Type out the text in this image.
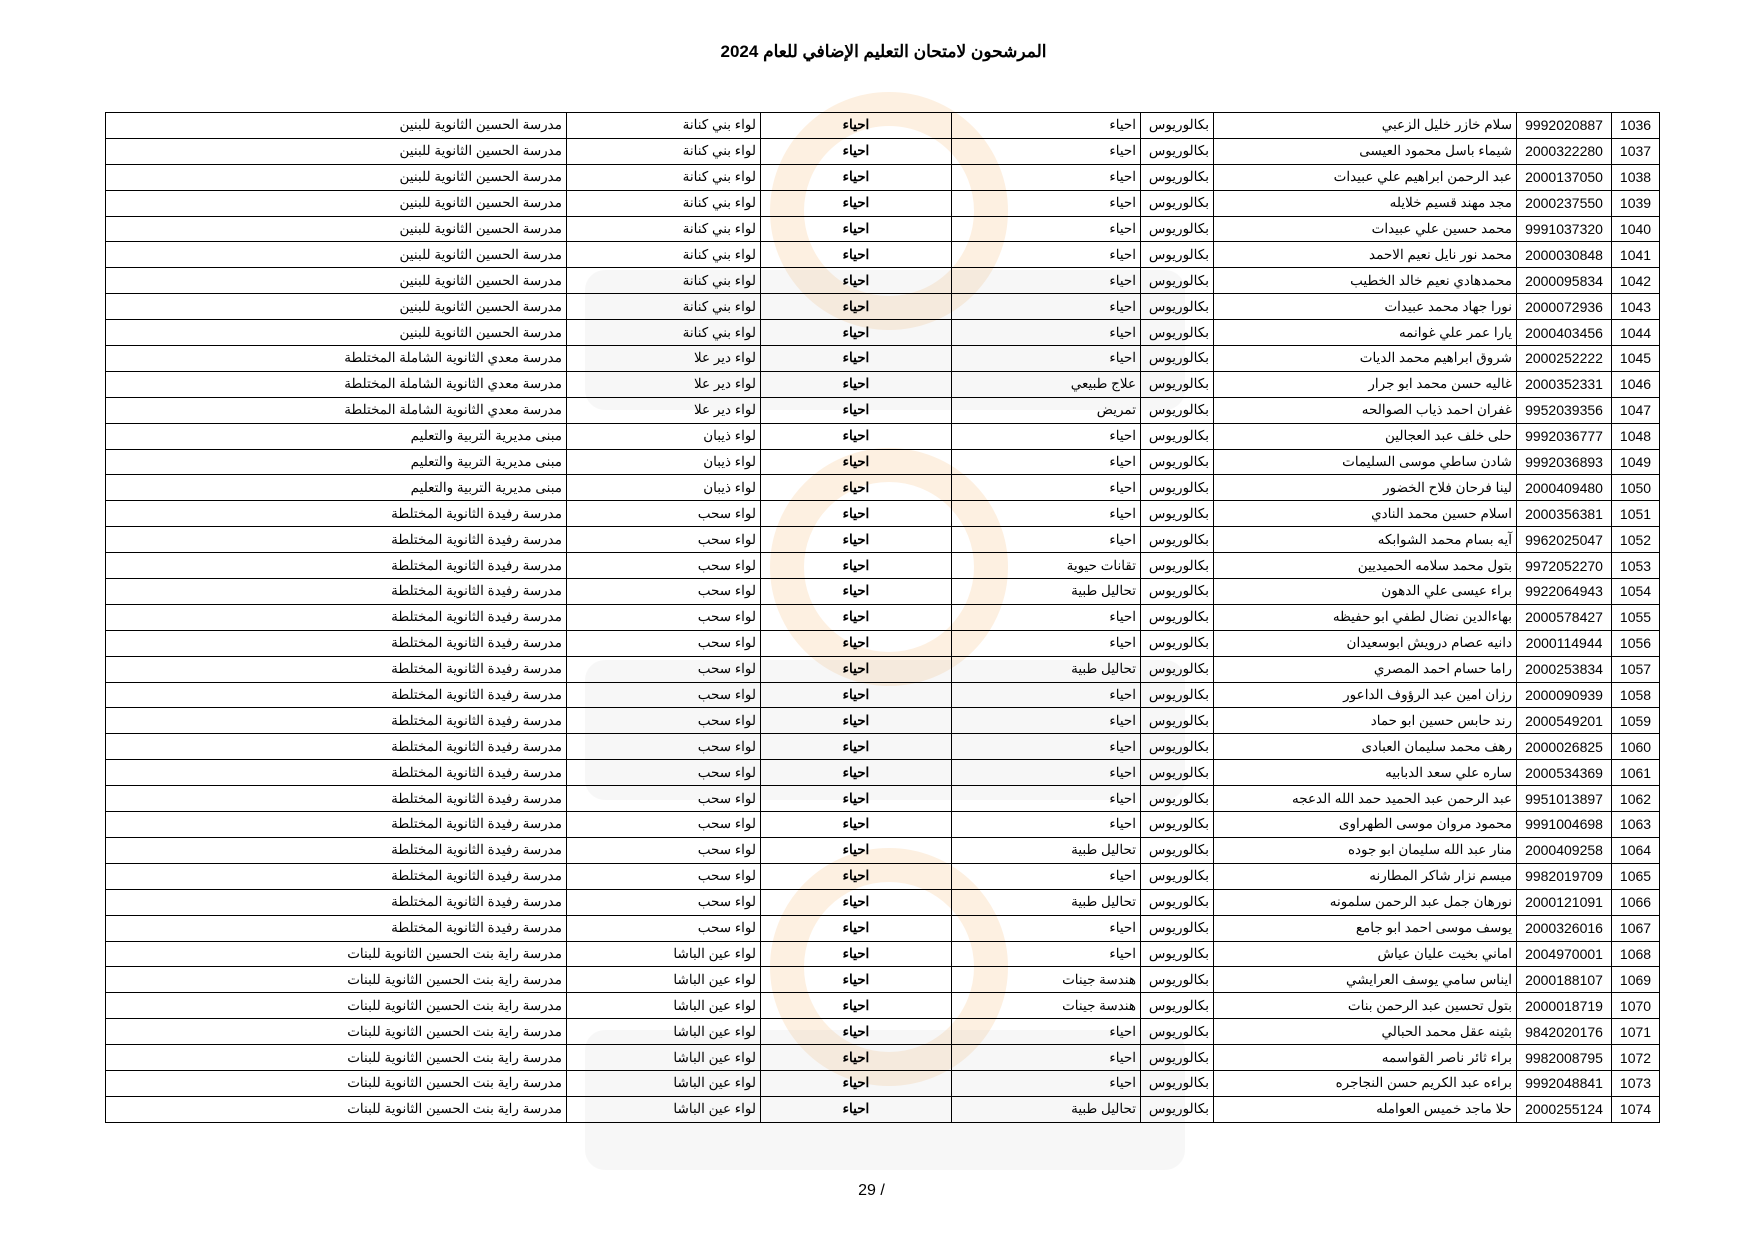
المرشحون لامتحان التعليم الإضافي للعام 2024
1036	9992020887	سلام خازر خليل الزعبي	بكالوريوس	احياء	احياء	لواء بني كنانة	مدرسة الحسين الثانوية للبنين
1037	2000322280	شيماء باسل محمود العيسى	بكالوريوس	احياء	احياء	لواء بني كنانة	مدرسة الحسين الثانوية للبنين
1038	2000137050	عبد الرحمن ابراهيم علي عبيدات	بكالوريوس	احياء	احياء	لواء بني كنانة	مدرسة الحسين الثانوية للبنين
1039	2000237550	مجد مهند قسيم خلايله	بكالوريوس	احياء	احياء	لواء بني كنانة	مدرسة الحسين الثانوية للبنين
1040	9991037320	محمد حسين علي عبيدات	بكالوريوس	احياء	احياء	لواء بني كنانة	مدرسة الحسين الثانوية للبنين
1041	2000030848	محمد نور نايل نعيم الاحمد	بكالوريوس	احياء	احياء	لواء بني كنانة	مدرسة الحسين الثانوية للبنين
1042	2000095834	محمدهادي نعيم خالد الخطيب	بكالوريوس	احياء	احياء	لواء بني كنانة	مدرسة الحسين الثانوية للبنين
1043	2000072936	نورا جهاد محمد عبيدات	بكالوريوس	احياء	احياء	لواء بني كنانة	مدرسة الحسين الثانوية للبنين
1044	2000403456	يارا عمر علي غوانمه	بكالوريوس	احياء	احياء	لواء بني كنانة	مدرسة الحسين الثانوية للبنين
1045	2000252222	شروق ابراهيم محمد الديات	بكالوريوس	احياء	احياء	لواء دير علا	مدرسة معدي الثانوية الشاملة المختلطة
1046	2000352331	غاليه حسن محمد ابو جرار	بكالوريوس	علاج طبيعي	احياء	لواء دير علا	مدرسة معدي الثانوية الشاملة المختلطة
1047	9952039356	غفران احمد ذياب الصوالحه	بكالوريوس	تمريض	احياء	لواء دير علا	مدرسة معدي الثانوية الشاملة المختلطة
1048	9992036777	حلى خلف عبد العجالين	بكالوريوس	احياء	احياء	لواء ذيبان	مبنى مديرية التربية والتعليم
1049	9992036893	شادن ساطي موسى السليمات	بكالوريوس	احياء	احياء	لواء ذيبان	مبنى مديرية التربية والتعليم
1050	2000409480	لينا فرحان فلاح الخضور	بكالوريوس	احياء	احياء	لواء ذيبان	مبنى مديرية التربية والتعليم
1051	2000356381	اسلام حسين محمد النادي	بكالوريوس	احياء	احياء	لواء سحب	مدرسة رفيدة الثانوية المختلطة
1052	9962025047	آيه بسام محمد الشوابكه	بكالوريوس	احياء	احياء	لواء سحب	مدرسة رفيدة الثانوية المختلطة
1053	9972052270	بتول محمد سلامه الحميديين	بكالوريوس	تقانات حيوية	احياء	لواء سحب	مدرسة رفيدة الثانوية المختلطة
1054	9922064943	براء عيسى علي الدهون	بكالوريوس	تحاليل طبية	احياء	لواء سحب	مدرسة رفيدة الثانوية المختلطة
1055	2000578427	بهاءالدين نضال لطفي ابو حفيظه	بكالوريوس	احياء	احياء	لواء سحب	مدرسة رفيدة الثانوية المختلطة
1056	2000114944	دانيه عصام درويش ابوسعيدان	بكالوريوس	احياء	احياء	لواء سحب	مدرسة رفيدة الثانوية المختلطة
1057	2000253834	راما حسام احمد المصري	بكالوريوس	تحاليل طبية	احياء	لواء سحب	مدرسة رفيدة الثانوية المختلطة
1058	2000090939	رزان امين عبد الرؤوف الداعور	بكالوريوس	احياء	احياء	لواء سحب	مدرسة رفيدة الثانوية المختلطة
1059	2000549201	رند حابس حسين ابو حماد	بكالوريوس	احياء	احياء	لواء سحب	مدرسة رفيدة الثانوية المختلطة
1060	2000026825	رهف محمد سليمان العبادى	بكالوريوس	احياء	احياء	لواء سحب	مدرسة رفيدة الثانوية المختلطة
1061	2000534369	ساره علي سعد الدبابيه	بكالوريوس	احياء	احياء	لواء سحب	مدرسة رفيدة الثانوية المختلطة
1062	9951013897	عبد الرحمن عبد الحميد حمد الله الدعجه	بكالوريوس	احياء	احياء	لواء سحب	مدرسة رفيدة الثانوية المختلطة
1063	9991004698	محمود مروان موسى الطهراوى	بكالوريوس	احياء	احياء	لواء سحب	مدرسة رفيدة الثانوية المختلطة
1064	2000409258	منار عبد الله سليمان ابو جوده	بكالوريوس	تحاليل طبية	احياء	لواء سحب	مدرسة رفيدة الثانوية المختلطة
1065	9982019709	ميسم نزار شاكر المطارنه	بكالوريوس	احياء	احياء	لواء سحب	مدرسة رفيدة الثانوية المختلطة
1066	2000121091	نورهان جمل عبد الرحمن سلمونه	بكالوريوس	تحاليل طبية	احياء	لواء سحب	مدرسة رفيدة الثانوية المختلطة
1067	2000326016	يوسف موسى احمد ابو جامع	بكالوريوس	احياء	احياء	لواء سحب	مدرسة رفيدة الثانوية المختلطة
1068	2004970001	اماني بخيت عليان عياش	بكالوريوس	احياء	احياء	لواء عين الباشا	مدرسة راية بنت الحسين الثانوية للبنات
1069	2000188107	ايناس سامي يوسف العرايشي	بكالوريوس	هندسة جينات	احياء	لواء عين الباشا	مدرسة راية بنت الحسين الثانوية للبنات
1070	2000018719	بتول تحسين عبد الرحمن بنات	بكالوريوس	هندسة جينات	احياء	لواء عين الباشا	مدرسة راية بنت الحسين الثانوية للبنات
1071	9842020176	بثينه عقل محمد الحبالي	بكالوريوس	احياء	احياء	لواء عين الباشا	مدرسة راية بنت الحسين الثانوية للبنات
1072	9982008795	براء ثائر ناصر القواسمه	بكالوريوس	احياء	احياء	لواء عين الباشا	مدرسة راية بنت الحسين الثانوية للبنات
1073	9992048841	براءه عبد الكريم حسن النجاجره	بكالوريوس	احياء	احياء	لواء عين الباشا	مدرسة راية بنت الحسين الثانوية للبنات
1074	2000255124	حلا ماجد خميس العوامله	بكالوريوس	تحاليل طبية	احياء	لواء عين الباشا	مدرسة راية بنت الحسين الثانوية للبنات
29 /
